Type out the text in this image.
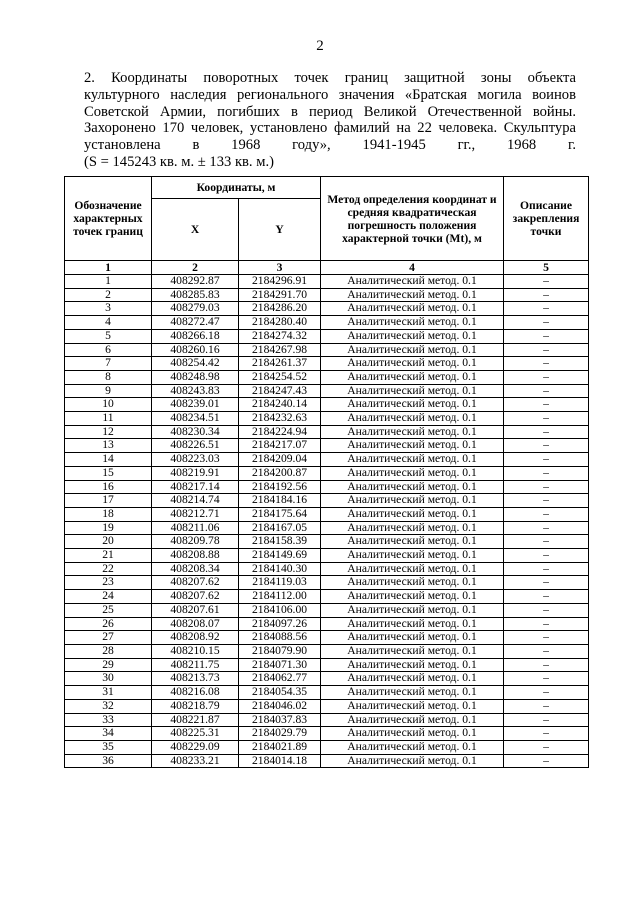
2
2. Координаты поворотных точек границ защитной зоны объекта
культурного наследия регионального значения «Братская могила воинов
Советской Армии, погибших в период Великой Отечественной войны.
Захоронено 170 человек, установлено фамилий на 22 человека. Скульптура
установлена в 1968 году», 1941-1945 гг., 1968 г.
(S = 145243 кв. м. ± 133 кв. м.)
Обозначение характерных точек границ	Координаты, м		Метод определения координат и средняя квадратическая погрешность положения характерной точки (Mt), м	Описание закрепления точки
	X	Y		
1	2	3	4	5
1	408292.87	2184296.91	Аналитический метод. 0.1	–
2	408285.83	2184291.70	Аналитический метод. 0.1	–
3	408279.03	2184286.20	Аналитический метод. 0.1	–
4	408272.47	2184280.40	Аналитический метод. 0.1	–
5	408266.18	2184274.32	Аналитический метод. 0.1	–
6	408260.16	2184267.98	Аналитический метод. 0.1	–
7	408254.42	2184261.37	Аналитический метод. 0.1	–
8	408248.98	2184254.52	Аналитический метод. 0.1	–
9	408243.83	2184247.43	Аналитический метод. 0.1	–
10	408239.01	2184240.14	Аналитический метод. 0.1	–
11	408234.51	2184232.63	Аналитический метод. 0.1	–
12	408230.34	2184224.94	Аналитический метод. 0.1	–
13	408226.51	2184217.07	Аналитический метод. 0.1	–
14	408223.03	2184209.04	Аналитический метод. 0.1	–
15	408219.91	2184200.87	Аналитический метод. 0.1	–
16	408217.14	2184192.56	Аналитический метод. 0.1	–
17	408214.74	2184184.16	Аналитический метод. 0.1	–
18	408212.71	2184175.64	Аналитический метод. 0.1	–
19	408211.06	2184167.05	Аналитический метод. 0.1	–
20	408209.78	2184158.39	Аналитический метод. 0.1	–
21	408208.88	2184149.69	Аналитический метод. 0.1	–
22	408208.34	2184140.30	Аналитический метод. 0.1	–
23	408207.62	2184119.03	Аналитический метод. 0.1	–
24	408207.62	2184112.00	Аналитический метод. 0.1	–
25	408207.61	2184106.00	Аналитический метод. 0.1	–
26	408208.07	2184097.26	Аналитический метод. 0.1	–
27	408208.92	2184088.56	Аналитический метод. 0.1	–
28	408210.15	2184079.90	Аналитический метод. 0.1	–
29	408211.75	2184071.30	Аналитический метод. 0.1	–
30	408213.73	2184062.77	Аналитический метод. 0.1	–
31	408216.08	2184054.35	Аналитический метод. 0.1	–
32	408218.79	2184046.02	Аналитический метод. 0.1	–
33	408221.87	2184037.83	Аналитический метод. 0.1	–
34	408225.31	2184029.79	Аналитический метод. 0.1	–
35	408229.09	2184021.89	Аналитический метод. 0.1	–
36	408233.21	2184014.18	Аналитический метод. 0.1	–
